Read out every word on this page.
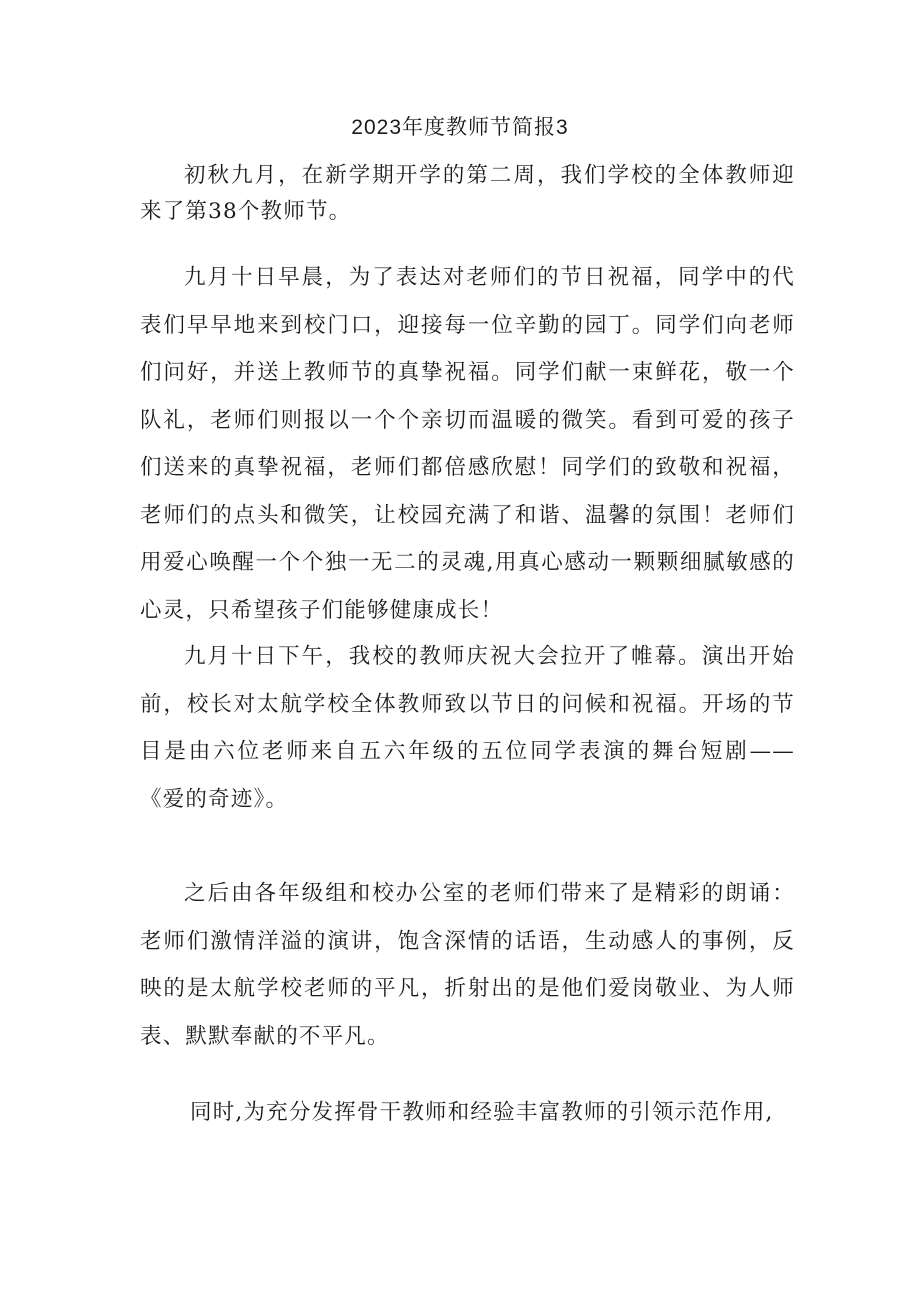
2023年度教师节简报3

初秋九月，在新学期开学的第二周，我们学校的全体教师迎来了第38个教师节。

九月十日早晨，为了表达对老师们的节日祝福，同学中的代表们早早地来到校门口，迎接每一位辛勤的园丁。同学们向老师们问好，并送上教师节的真挚祝福。同学们献一束鲜花，敬一个队礼，老师们则报以一个个亲切而温暖的微笑。看到可爱的孩子们送来的真挚祝福，老师们都倍感欣慰！同学们的致敬和祝福，老师们的点头和微笑，让校园充满了和谐、温馨的氛围！老师们用爱心唤醒一个个独一无二的灵魂,用真心感动一颗颗细腻敏感的心灵，只希望孩子们能够健康成长！

九月十日下午，我校的教师庆祝大会拉开了帷幕。演出开始前，校长对太航学校全体教师致以节日的问候和祝福。开场的节目是由六位老师来自五六年级的五位同学表演的舞台短剧——《爱的奇迹》。

之后由各年级组和校办公室的老师们带来了是精彩的朗诵：老师们激情洋溢的演讲，饱含深情的话语，生动感人的事例，反映的是太航学校老师的平凡，折射出的是他们爱岗敬业、为人师表、默默奉献的不平凡。

同时,为充分发挥骨干教师和经验丰富教师的引领示范作用,
